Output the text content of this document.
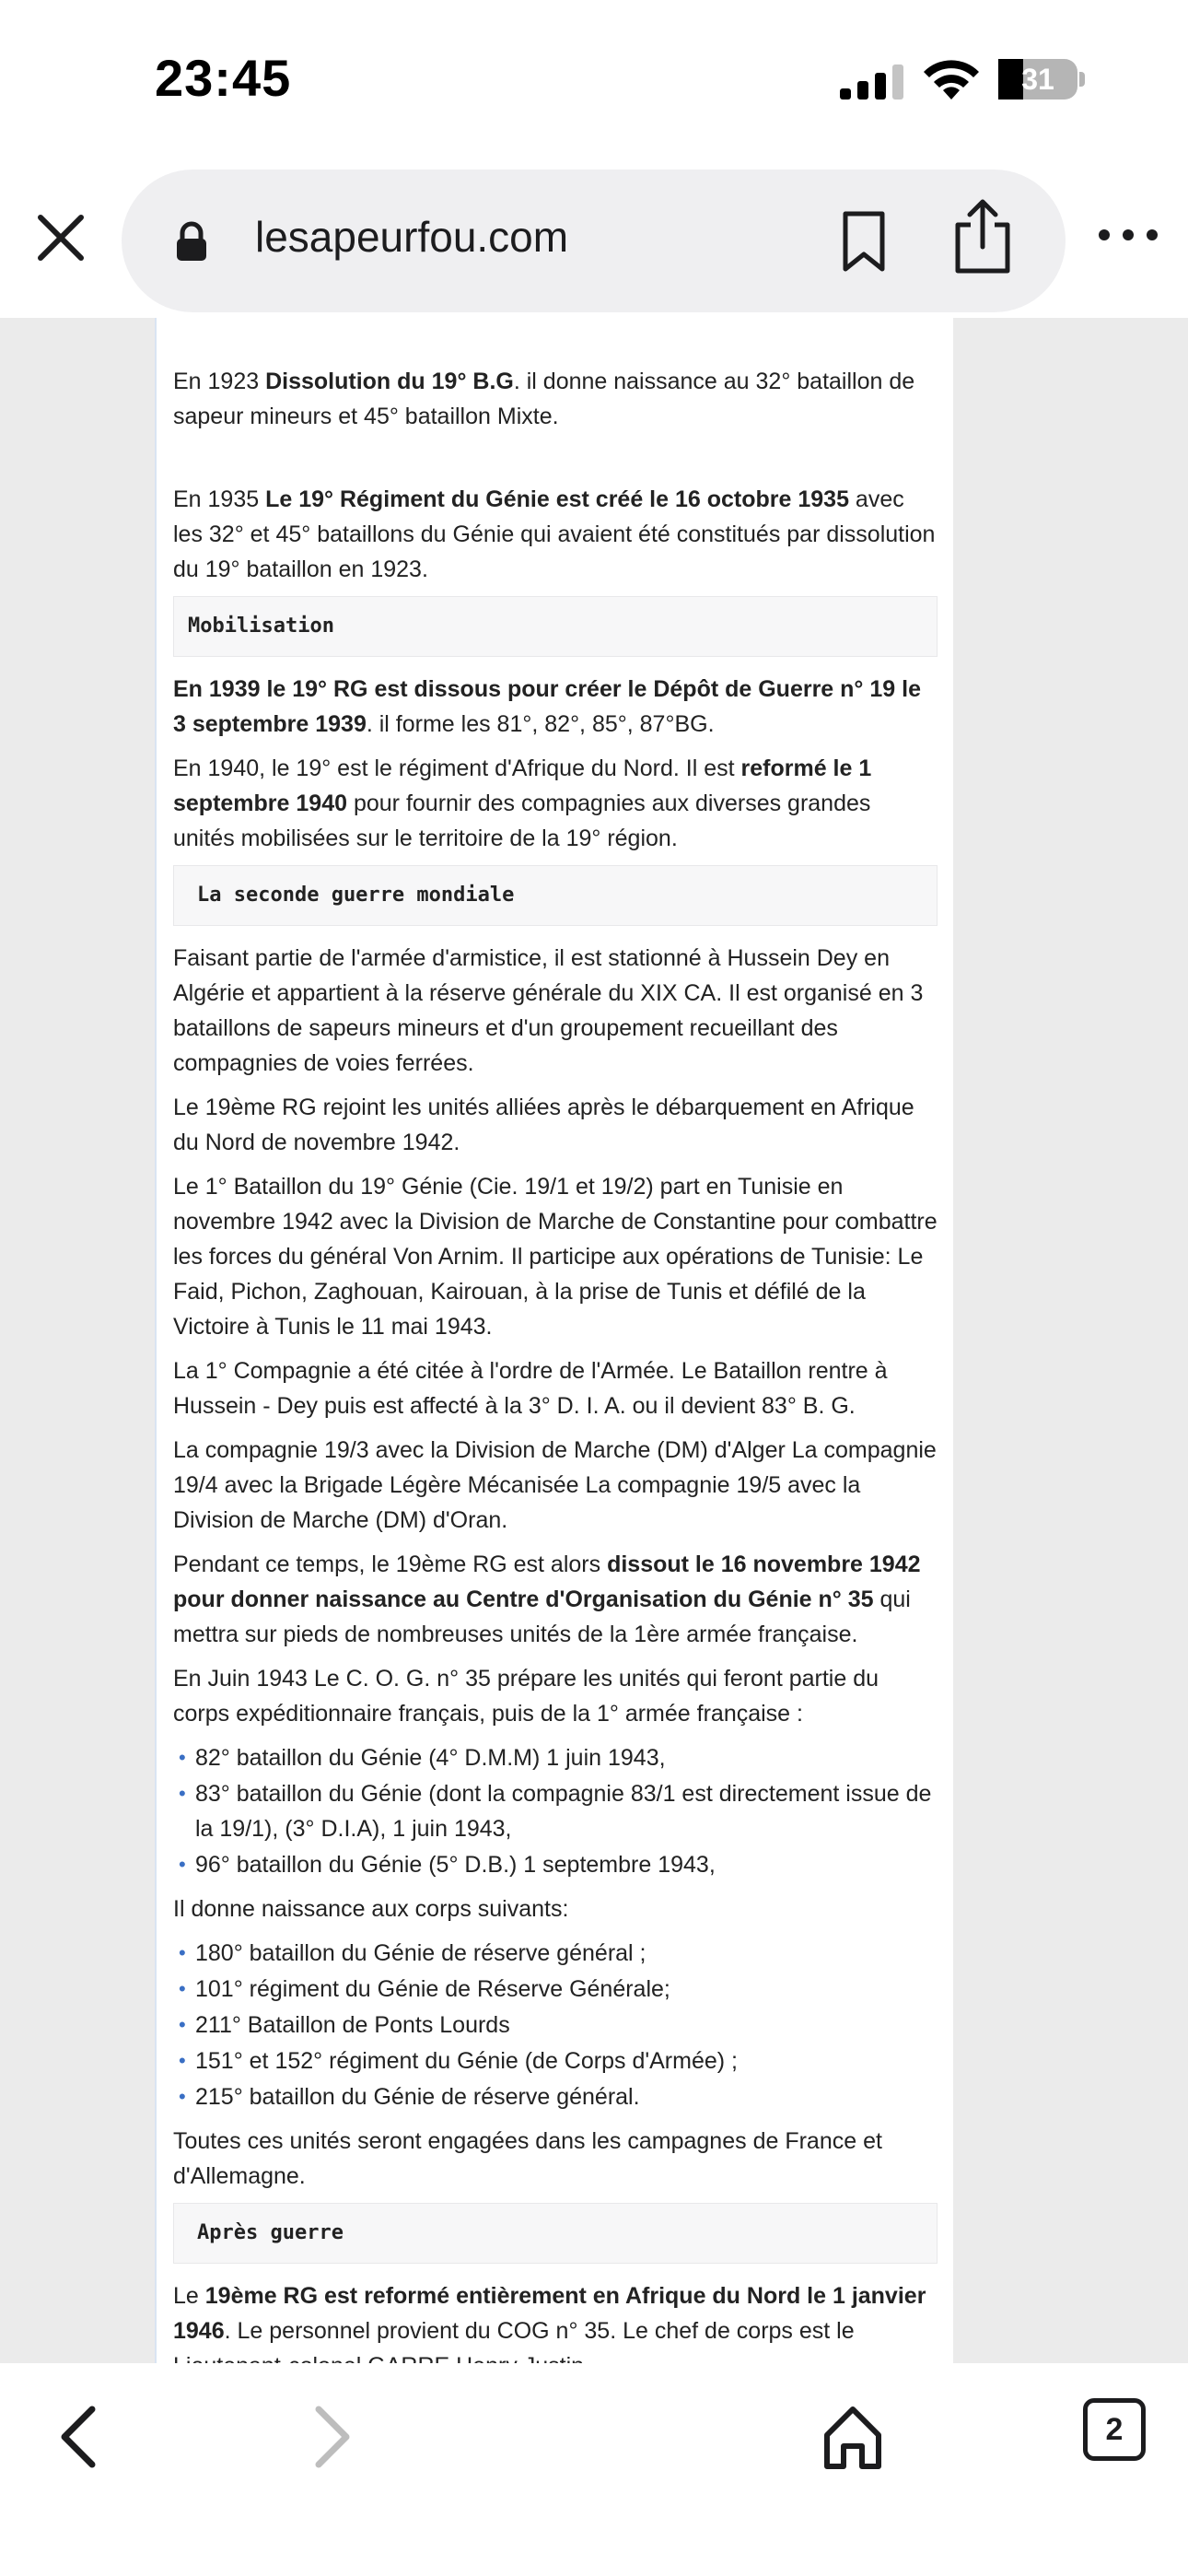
23:45	31
lesapeurfou.com

En 1923 Dissolution du 19° B.G. il donne naissance au 32° bataillon de sapeur mineurs et 45° bataillon Mixte.

En 1935 Le 19° Régiment du Génie est créé le 16 octobre 1935 avec les 32° et 45° bataillons du Génie qui avaient été constitués par dissolution du 19° bataillon en 1923.

Mobilisation

En 1939 le 19° RG est dissous pour créer le Dépôt de Guerre n° 19 le 3 septembre 1939. il forme les 81°, 82°, 85°, 87°BG.

En 1940, le 19° est le régiment d'Afrique du Nord. Il est reformé le 1 septembre 1940 pour fournir des compagnies aux diverses grandes unités mobilisées sur le territoire de la 19° région.

La seconde guerre mondiale

Faisant partie de l'armée d'armistice, il est stationné à Hussein Dey en Algérie et appartient à la réserve générale du XIX CA. Il est organisé en 3 bataillons de sapeurs mineurs et d'un groupement recueillant des compagnies de voies ferrées.

Le 19ème RG rejoint les unités alliées après le débarquement en Afrique du Nord de novembre 1942.

Le 1° Bataillon du 19° Génie (Cie. 19/1 et 19/2) part en Tunisie en novembre 1942 avec la Division de Marche de Constantine pour combattre les forces du général Von Arnim. Il participe aux opérations de Tunisie: Le Faid, Pichon, Zaghouan, Kairouan, à la prise de Tunis et défilé de la Victoire à Tunis le 11 mai 1943.

La 1° Compagnie a été citée à l'ordre de l'Armée. Le Bataillon rentre à Hussein - Dey puis est affecté à la 3° D. I. A. ou il devient 83° B. G.

La compagnie 19/3 avec la Division de Marche (DM) d'Alger La compagnie 19/4 avec la Brigade Légère Mécanisée La compagnie 19/5 avec la Division de Marche (DM) d'Oran.

Pendant ce temps, le 19ème RG est alors dissout le 16 novembre 1942 pour donner naissance au Centre d'Organisation du Génie n° 35 qui mettra sur pieds de nombreuses unités de la 1ère armée française.

En Juin 1943 Le C. O. G. n° 35 prépare les unités qui feront partie du corps expéditionnaire français, puis de la 1° armée française :

• 82° bataillon du Génie (4° D.M.M) 1 juin 1943,
• 83° bataillon du Génie (dont la compagnie 83/1 est directement issue de la 19/1), (3° D.I.A), 1 juin 1943,
• 96° bataillon du Génie (5° D.B.) 1 septembre 1943,

Il donne naissance aux corps suivants:

• 180° bataillon du Génie de réserve général ;
• 101° régiment du Génie de Réserve Générale;
• 211° Bataillon de Ponts Lourds
• 151° et 152° régiment du Génie (de Corps d'Armée) ;
• 215° bataillon du Génie de réserve général.

Toutes ces unités seront engagées dans les campagnes de France et d'Allemagne.

Après guerre

Le 19ème RG est reformé entièrement en Afrique du Nord le 1 janvier 1946. Le personnel provient du COG n° 35. Le chef de corps est le

2
